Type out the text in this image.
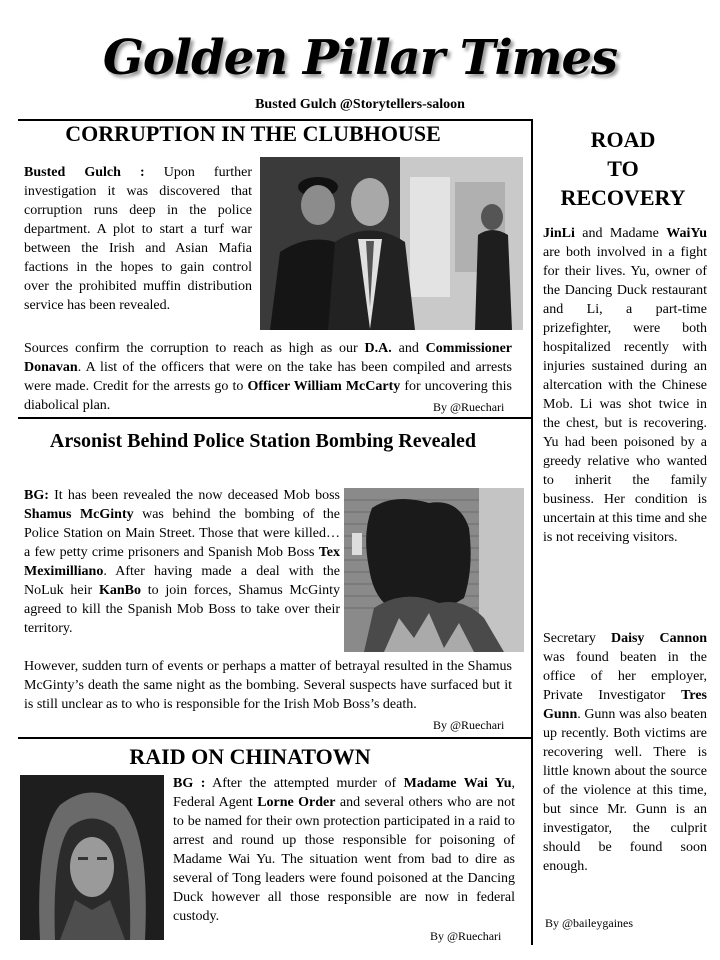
Golden Pillar Times
Busted Gulch @Storytellers-saloon
CORRUPTION IN THE CLUBHOUSE
Busted Gulch : Upon further investigation it was discovered that corruption runs deep in the police department. A plot to start a turf war between the Irish and Asian Mafia factions in the hopes to gain control over the prohibited muffin distribution service has been revealed.
Sources confirm the corruption to reach as high as our D.A. and Commissioner Donavan. A list of the officers that were on the take has been compiled and arrests were made. Credit for the arrests go to Officer William McCarty for uncovering this diabolical plan.	By @Ruechari
Arsonist Behind Police Station Bombing Revealed
BG: It has been revealed the now deceased Mob boss Shamus McGinty was behind the bombing of the Police Station on Main Street. Those that were killed… a few petty crime prisoners and Spanish Mob Boss Tex Meximilliano. After having made a deal with the NoLuk heir KanBo to join forces, Shamus McGinty agreed to kill the Spanish Mob Boss to take over their territory.
However, sudden turn of events or perhaps a matter of betrayal resulted in the Shamus McGinty’s death the same night as the bombing. Several suspects have surfaced but it is still unclear as to who is responsible for the Irish Mob Boss’s death.
By @Ruechari
RAID ON CHINATOWN
BG : After the attempted murder of Madame Wai Yu, Federal Agent Lorne Order and several others who are not to be named for their own protection participated in a raid to arrest and round up those responsible for poisoning of Madame Wai Yu. The situation went from bad to dire as several of Tong leaders were found poisoned at the Dancing Duck however all those responsible are now in federal custody.
By @Ruechari
ROAD
TO
RECOVERY
JinLi and Madame WaiYu are both involved in a fight for their lives. Yu, owner of the Dancing Duck restaurant and Li, a part-time prizefighter, were both hospitalized recently with injuries sustained during an altercation with the Chinese Mob. Li was shot twice in the chest, but is recovering. Yu had been poisoned by a greedy relative who wanted to inherit the family business. Her condition is uncertain at this time and she is not receiving visitors.
Secretary Daisy Cannon was found beaten in the office of her employer, Private Investigator Tres Gunn. Gunn was also beaten up recently. Both victims are recovering well. There is little known about the source of the violence at this time, but since Mr. Gunn is an investigator, the culprit should be found soon enough.
By @baileygaines
